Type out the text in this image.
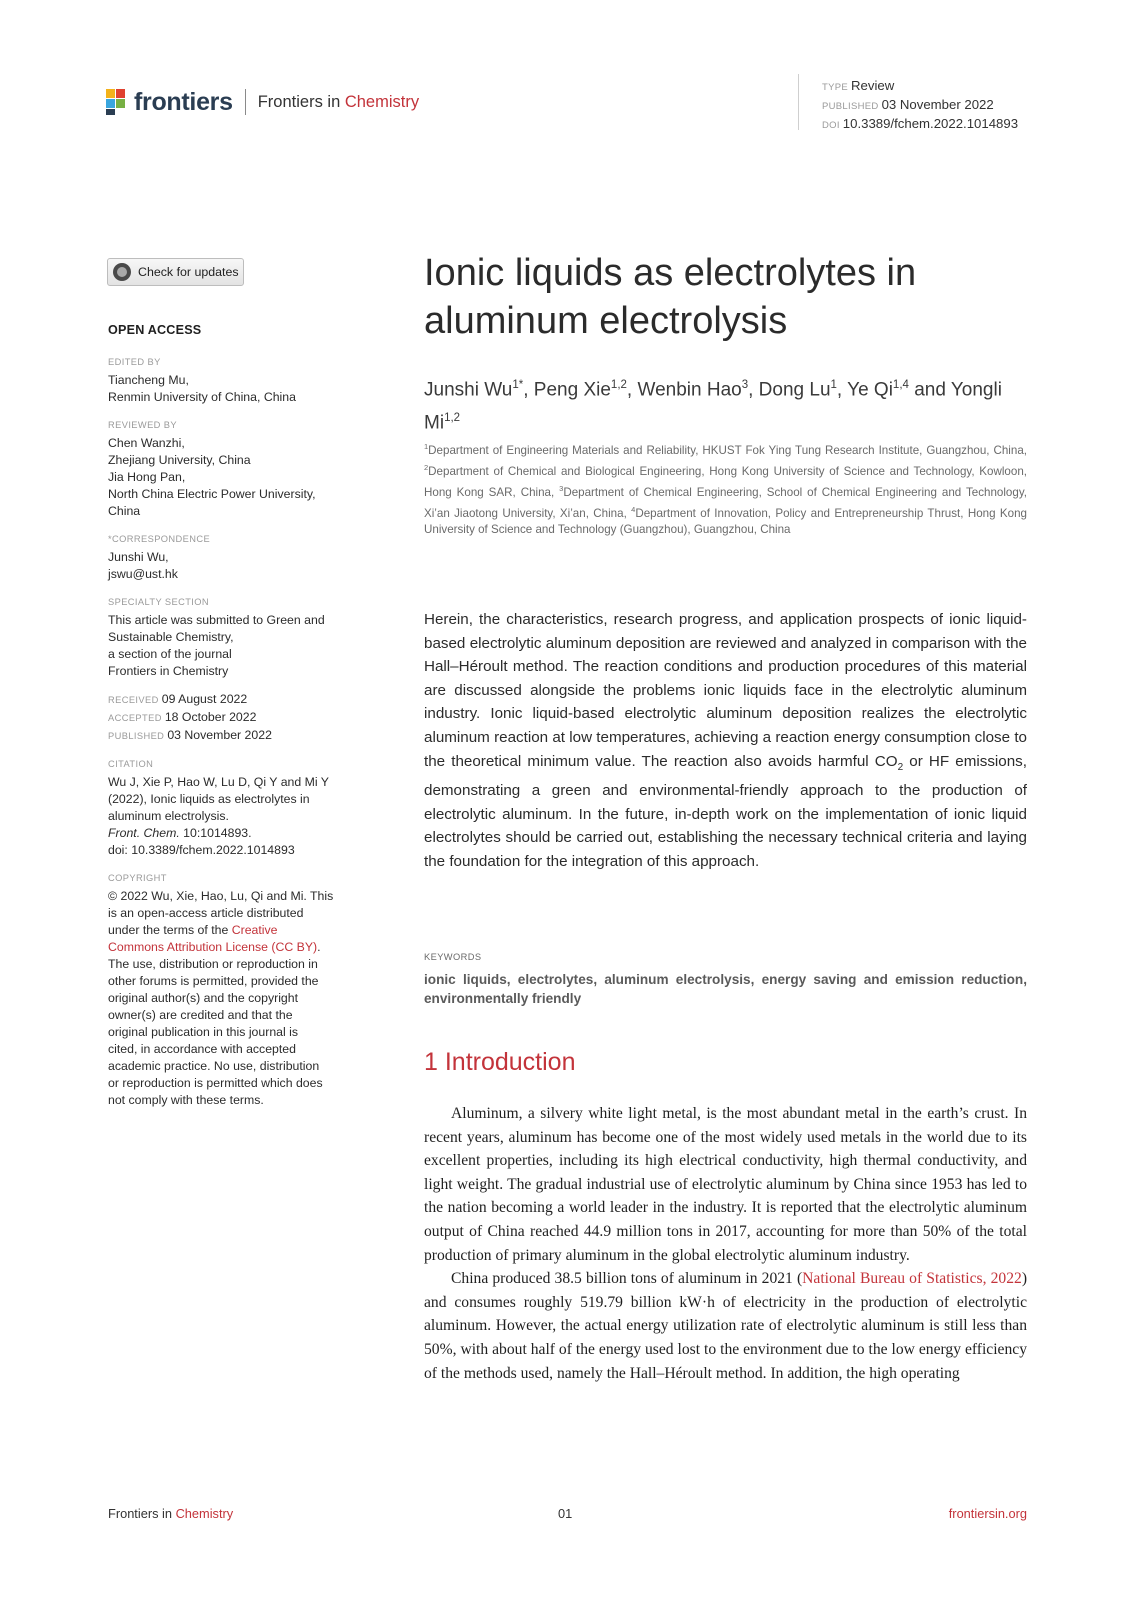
frontiers Frontiers in Chemistry
TYPE Review
PUBLISHED 03 November 2022
DOI 10.3389/fchem.2022.1014893
Check for updates
OPEN ACCESS
EDITED BY
Tiancheng Mu,
Renmin University of China, China
REVIEWED BY
Chen Wanzhi,
Zhejiang University, China
Jia Hong Pan,
North China Electric Power University,
China
*CORRESPONDENCE
Junshi Wu,
jswu@ust.hk
SPECIALTY SECTION
This article was submitted to Green and
Sustainable Chemistry,
a section of the journal
Frontiers in Chemistry
RECEIVED 09 August 2022
ACCEPTED 18 October 2022
PUBLISHED 03 November 2022
CITATION
Wu J, Xie P, Hao W, Lu D, Qi Y and Mi Y
(2022), Ionic liquids as electrolytes in
aluminum electrolysis.
Front. Chem. 10:1014893.
doi: 10.3389/fchem.2022.1014893
COPYRIGHT
© 2022 Wu, Xie, Hao, Lu, Qi and Mi. This
is an open-access article distributed
under the terms of the Creative
Commons Attribution License (CC BY).
The use, distribution or reproduction in
other forums is permitted, provided the
original author(s) and the copyright
owner(s) are credited and that the
original publication in this journal is
cited, in accordance with accepted
academic practice. No use, distribution
or reproduction is permitted which does
not comply with these terms.
Ionic liquids as electrolytes in
aluminum electrolysis
Junshi $Wu^{1*}$, Peng Xie$^{1,2}$, Wenbin Hao$^3$, Dong Lu$^1$, Ye Qi$^{1,4}$ and Yongli Mi$^{1,2}$
$^1$Department of Engineering Materials and Reliability, HKUST Fok Ying Tung Research Institute, Guangzhou, China, $^2$Department of Chemical and Biological Engineering, Hong Kong University of Science and Technology, Kowloon, Hong Kong SAR, China, $^3$Department of Chemical Engineering, School of Chemical Engineering and Technology, Xi’an Jiaotong University, Xi’an, China, $^4$Department of Innovation, Policy and Entrepreneurship Thrust, Hong Kong University of Science and Technology (Guangzhou), Guangzhou, China
Herein, the characteristics, research progress, and application prospects of ionic liquid-based electrolytic aluminum deposition are reviewed and analyzed in comparison with the Hall–Héroult method. The reaction conditions and production procedures of this material are discussed alongside the problems ionic liquids face in the electrolytic aluminum industry. Ionic liquid-based electrolytic aluminum deposition realizes the electrolytic aluminum reaction at low temperatures, achieving a reaction energy consumption close to the theoretical minimum value. The reaction also avoids harmful $CO_2$ or HF emissions, demonstrating a green and environmental-friendly approach to the production of electrolytic aluminum. In the future, in-depth work on the implementation of ionic liquid electrolytes should be carried out, establishing the necessary technical criteria and laying the foundation for the integration of this approach.
KEYWORDS
ionic liquids, electrolytes, aluminum electrolysis, energy saving and emission reduction, environmentally friendly
1 Introduction

Aluminum, a silvery white light metal, is the most abundant metal in the earth’s crust. In recent years, aluminum has become one of the most widely used metals in the world due to its excellent properties, including its high electrical conductivity, high thermal conductivity, and light weight. The gradual industrial use of electrolytic aluminum by China since 1953 has led to the nation becoming a world leader in the industry. It is reported that the electrolytic aluminum output of China reached 44.9 million tons in 2017, accounting for more than 50% of the total production of primary aluminum in the global electrolytic aluminum industry.

China produced 38.5 billion tons of aluminum in 2021 (National Bureau of Statistics, 2022) and consumes roughly 519.79 billion kW·h of electricity in the production of electrolytic aluminum. However, the actual energy utilization rate of electrolytic aluminum is still less than 50%, with about half of the energy used lost to the environment due to the low energy efficiency of the methods used, namely the Hall–Héroult method. In addition, the high operating

Frontiers in Chemistry	01	frontiersin.org
